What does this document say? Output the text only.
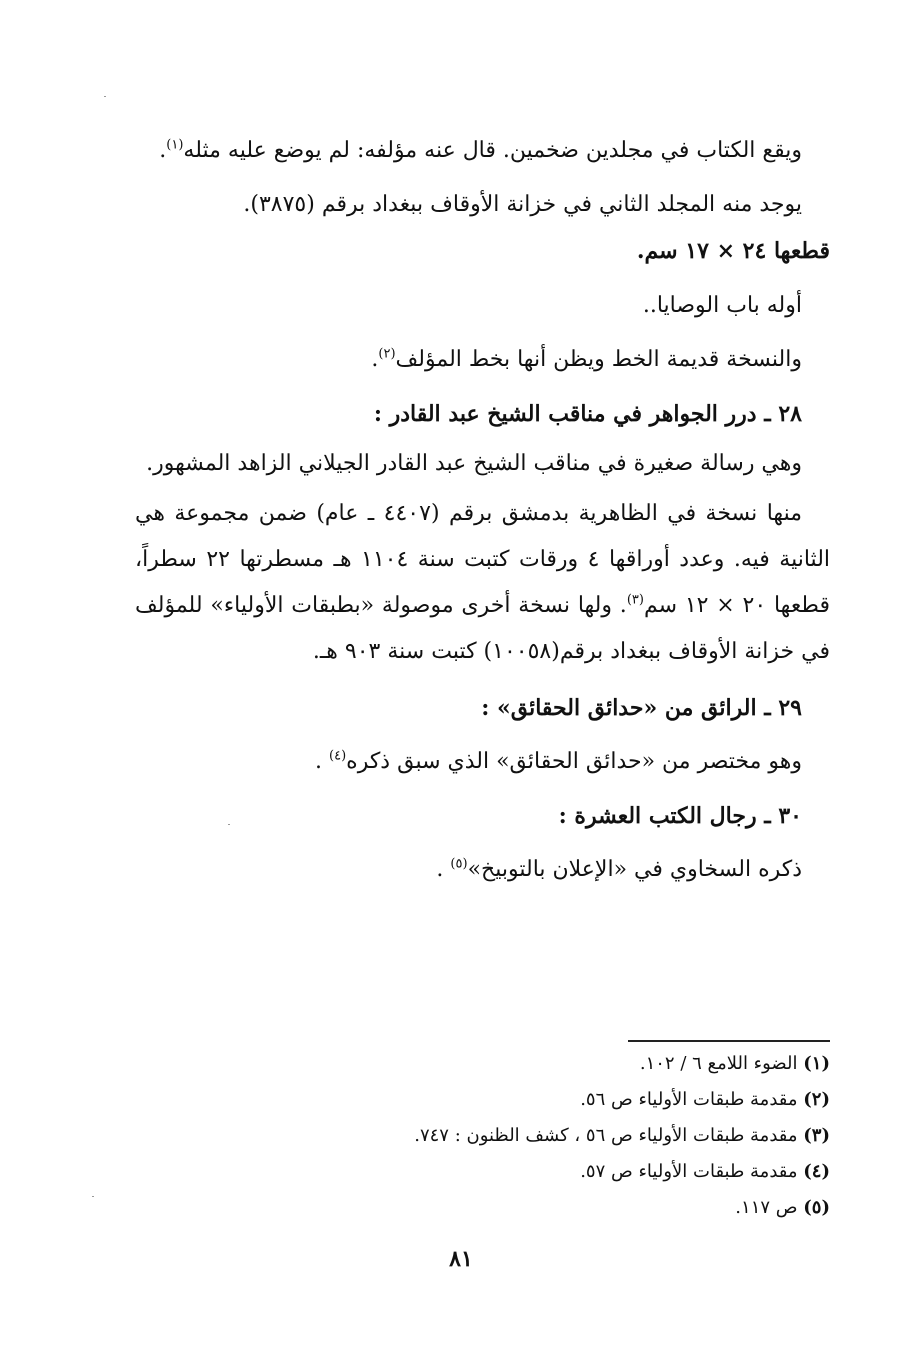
ويقع الكتاب في مجلدين ضخمين. قال عنه مؤلفه: لم يوضع عليه مثله$^{(١)}$.

يوجد منه المجلد الثاني في خزانة الأوقاف ببغداد برقم (٣٨٧٥).
قطعها ٢٤ × ١٧ سم.

أوله باب الوصايا..

والنسخة قديمة الخط ويظن أنها بخط المؤلف$^{(٢)}$.

٢٨ ـ درر الجواهر في مناقب الشيخ عبد القادر :

وهي رسالة صغيرة في مناقب الشيخ عبد القادر الجيلاني الزاهد المشهور.

منها نسخة في الظاهرية بدمشق برقم (٤٤٠٧ ـ عام) ضمن مجموعة هي الثانية فيه. وعدد أوراقها ٤ ورقات كتبت سنة ١١٠٤ هـ مسطرتها ٢٢ سطراً، قطعها ٢٠ × ١٢ سم$^{(٣)}$. ولها نسخة أخرى موصولة «بطبقات الأولياء» للمؤلف في خزانة الأوقاف ببغداد برقم(١٠٠٥٨) كتبت سنة ٩٠٣ هـ.

٢٩ ـ الرائق من «حدائق الحقائق» :

وهو مختصر من «حدائق الحقائق» الذي سبق ذكره$^{(٤)}$ .

٣٠ ـ رجال الكتب العشرة :

ذكره السخاوي في «الإعلان بالتوبيخ»$^{(٥)}$ .

(١) الضوء اللامع ٦ / ١٠٢.

(٢) مقدمة طبقات الأولياء ص ٥٦.

(٣) مقدمة طبقات الأولياء ص ٥٦ ، كشف الظنون : ٧٤٧.

(٤) مقدمة طبقات الأولياء ص ٥٧.

(٥) ص ١١٧.

٨١
